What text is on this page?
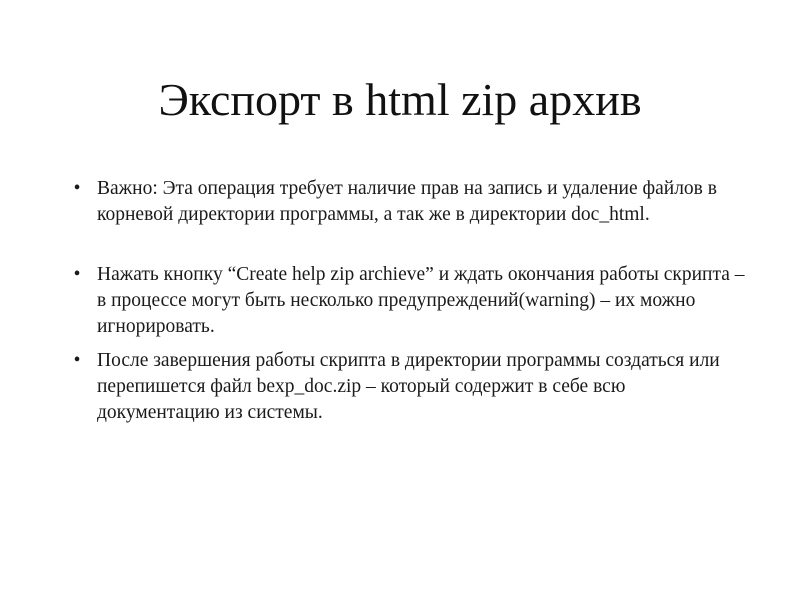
Экспорт в html zip архив
• Важно: Эта операция требует наличие прав на запись и удаление файлов в корневой директории программы, а так же в директории doc_html.
• Нажать кнопку “Create help zip archieve” и ждать окончания работы скрипта – в процессе могут быть несколько предупреждений(warning) – их можно игнорировать.
• После завершения работы скрипта в директории программы создаться или перепишется файл bexp_doc.zip – который содержит в себе всю документацию из системы.
